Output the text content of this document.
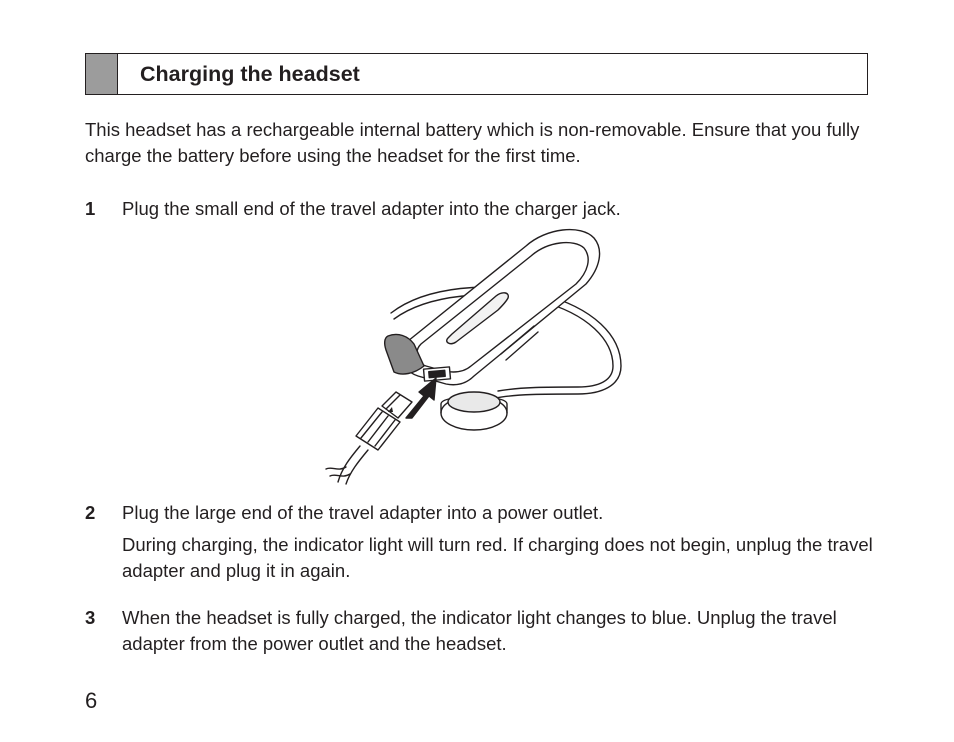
Charging the headset

This headset has a rechargeable internal battery which is non-removable. Ensure that you fully charge the battery before using the headset for the first time.

1 Plug the small end of the travel adapter into the charger jack.

2 Plug the large end of the travel adapter into a power outlet.

During charging, the indicator light will turn red. If charging does not begin, unplug the travel adapter and plug it in again.

3 When the headset is fully charged, the indicator light changes to blue. Unplug the travel adapter from the power outlet and the headset.

6
